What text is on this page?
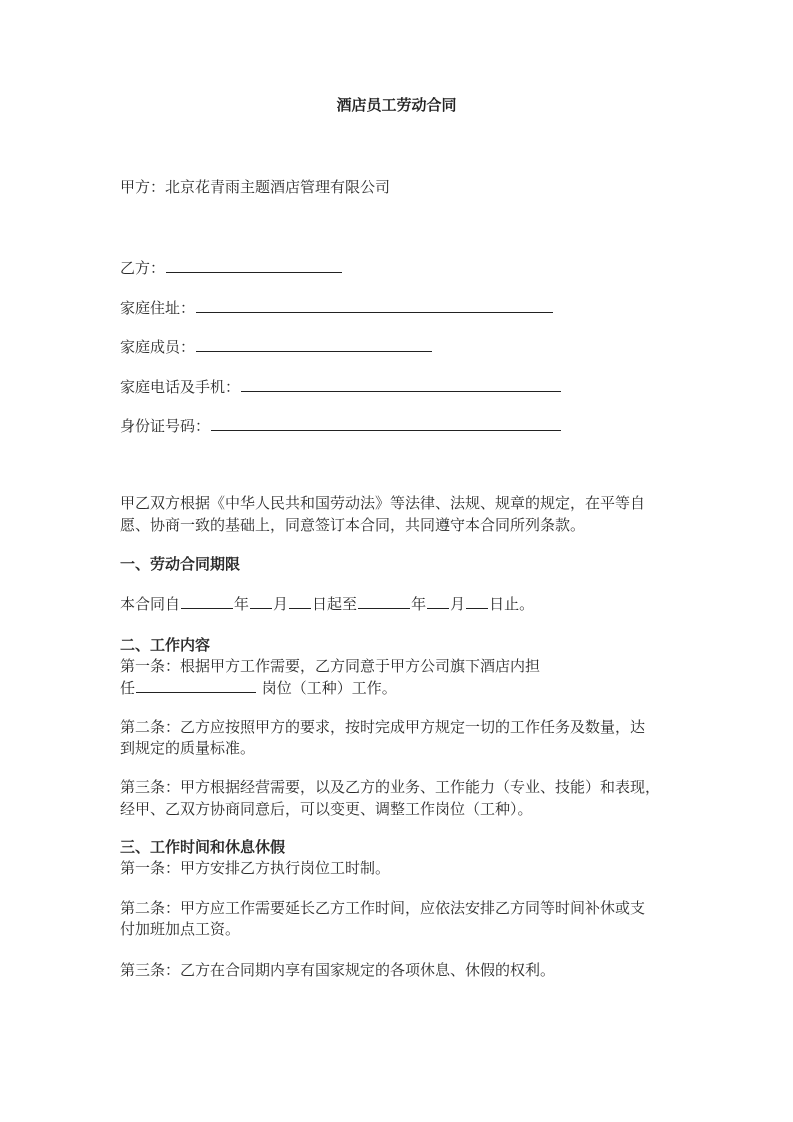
酒店员工劳动合同
甲方：北京花青雨主题酒店管理有限公司
乙方：
家庭住址：
家庭成员：
家庭电话及手机：
身份证号码：
甲乙双方根据《中华人民共和国劳动法》等法律、法规、规章的规定，在平等自
愿、协商一致的基础上，同意签订本合同，共同遵守本合同所列条款。
一、劳动合同期限
本合同自	年 月 日起至	年 月 日止。
二、工作内容
第一条：根据甲方工作需要，乙方同意于甲方公司旗下酒店内担
任	岗位（工种）工作。
第二条：乙方应按照甲方的要求，按时完成甲方规定一切的工作任务及数量，达
到规定的质量标准。
第三条：甲方根据经营需要，以及乙方的业务、工作能力（专业、技能）和表现，
经甲、乙双方协商同意后，可以变更、调整工作岗位（工种）。
三、工作时间和休息休假
第一条：甲方安排乙方执行岗位工时制。
第二条：甲方应工作需要延长乙方工作时间，应依法安排乙方同等时间补休或支
付加班加点工资。
第三条：乙方在合同期内享有国家规定的各项休息、休假的权利。
